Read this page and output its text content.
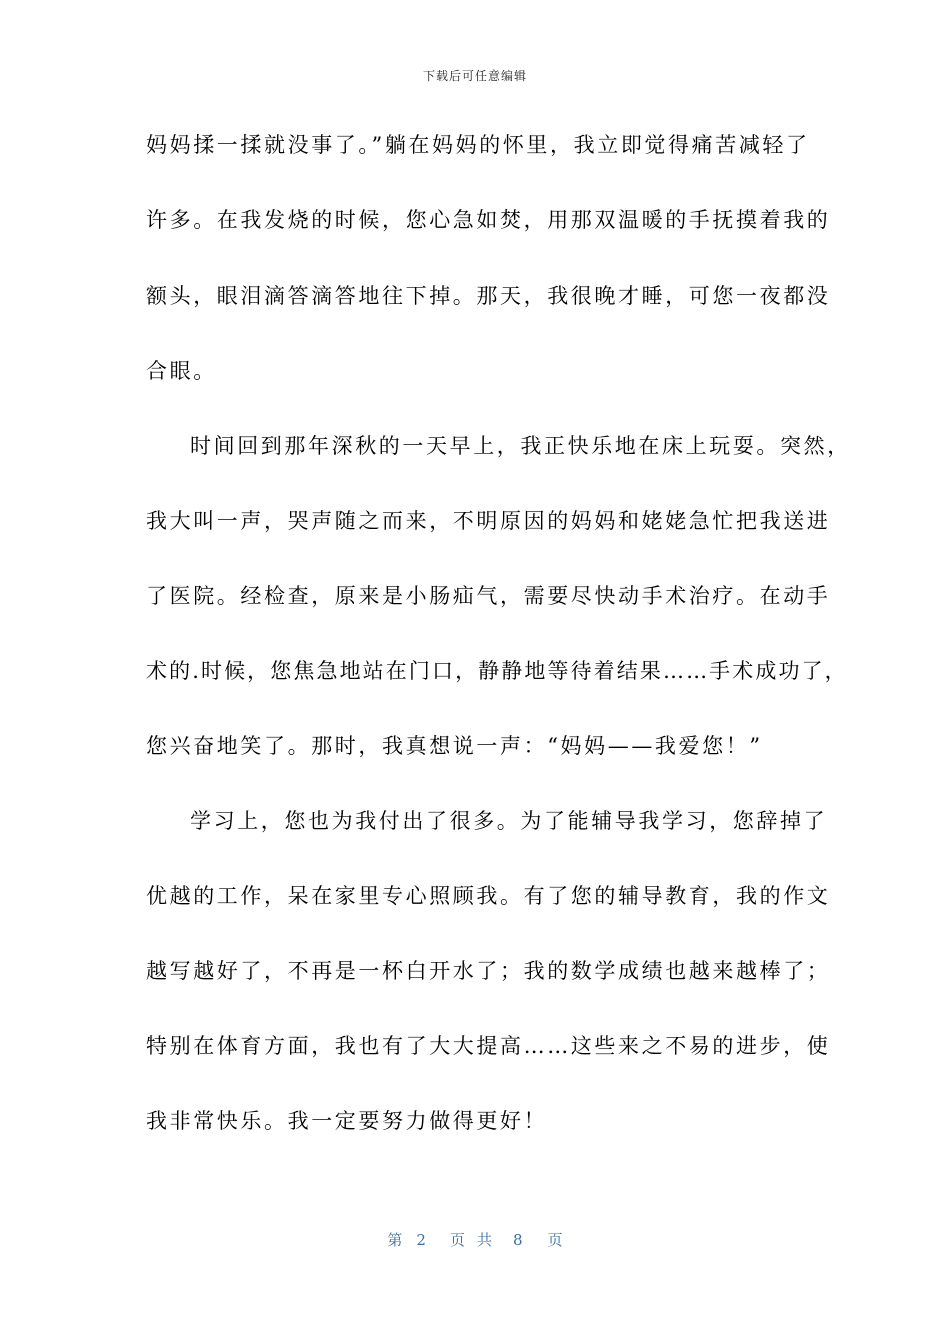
下载后可任意编辑
妈妈揉一揉就没事了。”躺在妈妈的怀里，我立即觉得痛苦减轻了
许多。在我发烧的时候，您心急如焚，用那双温暖的手抚摸着我的
额头，眼泪滴答滴答地往下掉。那天，我很晚才睡，可您一夜都没
合眼。
时间回到那年深秋的一天早上，我正快乐地在床上玩耍。突然，
我大叫一声，哭声随之而来，不明原因的妈妈和姥姥急忙把我送进
了医院。经检查，原来是小肠疝气，需要尽快动手术治疗。在动手
术的.时候，您焦急地站在门口，静静地等待着结果……手术成功了，
您兴奋地笑了。那时，我真想说一声：“妈妈——我爱您！”
学习上，您也为我付出了很多。为了能辅导我学习，您辞掉了
优越的工作，呆在家里专心照顾我。有了您的辅导教育，我的作文
越写越好了，不再是一杯白开水了；我的数学成绩也越来越棒了；
特别在体育方面，我也有了大大提高……这些来之不易的进步，使
我非常快乐。我一定要努力做得更好！
第 2 页共 8 页
